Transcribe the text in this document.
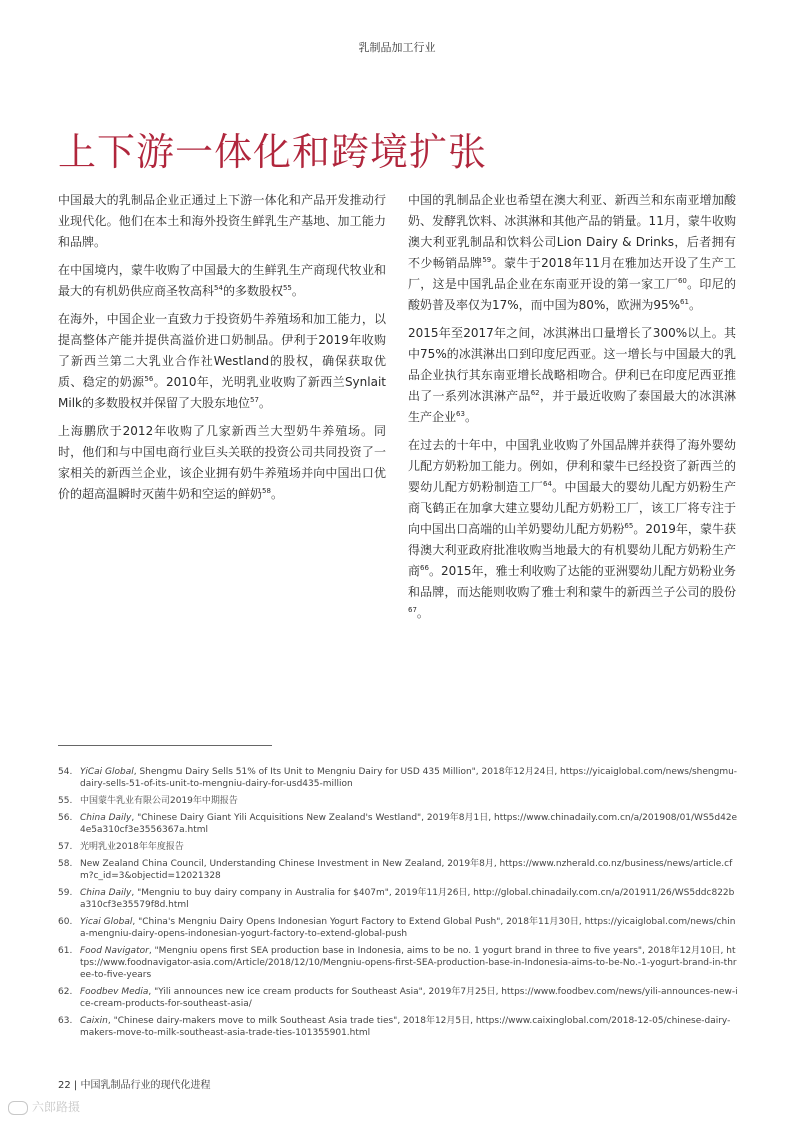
乳制品加工行业
上下游一体化和跨境扩张

中国最大的乳制品企业正通过上下游一体化和产品开发推动行业现代化。他们在本土和海外投资生鲜乳生产基地、加工能力和品牌。

在中国境内，蒙牛收购了中国最大的生鲜乳生产商现代牧业和最大的有机奶供应商圣牧高科$^{54}$的多数股权$^{55}$。

在海外，中国企业一直致力于投资奶牛养殖场和加工能力，以提高整体产能并提供高溢价进口奶制品。伊利于2019年收购了新西兰第二大乳业合作社Westland的股权，确保获取优质、稳定的奶源$^{56}$。2010年，光明乳业收购了新西兰Synlait Milk的多数股权并保留了大股东地位$^{57}$。

上海鹏欣于2012年收购了几家新西兰大型奶牛养殖场。同时，他们和与中国电商行业巨头关联的投资公司共同投资了一家相关的新西兰企业，该企业拥有奶牛养殖场并向中国出口优价的超高温瞬时灭菌牛奶和空运的鲜奶$^{58}$。

中国的乳制品企业也希望在澳大利亚、新西兰和东南亚增加酸奶、发酵乳饮料、冰淇淋和其他产品的销量。11月，蒙牛收购澳大利亚乳制品和饮料公司Lion Dairy & Drinks，后者拥有不少畅销品牌$^{59}$。蒙牛于2018年11月在雅加达开设了生产工厂，这是中国乳品企业在东南亚开设的第一家工厂$^{60}$。印尼的酸奶普及率仅为17%，而中国为80%，欧洲为95%$^{61}$。

2015年至2017年之间，冰淇淋出口量增长了300%以上。其中75%的冰淇淋出口到印度尼西亚。这一增长与中国最大的乳品企业执行其东南亚增长战略相吻合。伊利已在印度尼西亚推出了一系列冰淇淋产品$^{62}$，并于最近收购了泰国最大的冰淇淋生产企业$^{63}$。

在过去的十年中，中国乳业收购了外国品牌并获得了海外婴幼儿配方奶粉加工能力。例如，伊利和蒙牛已经投资了新西兰的婴幼儿配方奶粉制造工厂$^{64}$。中国最大的婴幼儿配方奶粉生产商飞鹤正在加拿大建立婴幼儿配方奶粉工厂，该工厂将专注于向中国出口高端的山羊奶婴幼儿配方奶粉$^{65}$。2019年，蒙牛获得澳大利亚政府批准收购当地最大的有机婴幼儿配方奶粉生产商$^{66}$。2015年，雅士利收购了达能的亚洲婴幼儿配方奶粉业务和品牌，而达能则收购了雅士利和蒙牛的新西兰子公司的股份$^{67}$。

54. YiCai Global, Shengmu Dairy Sells 51% of Its Unit to Mengniu Dairy for USD 435 Million", 2018年12月24日, https://yicaiglobal.com/news/shengmu-dairy-sells-51-of-its-unit-to-mengniu-dairy-for-usd435-million
55. 中国蒙牛乳业有限公司2019年中期报告
56. China Daily, "Chinese Dairy Giant Yili Acquisitions New Zealand's Westland", 2019年8月1日, https://www.chinadaily.com.cn/a/201908/01/WS5d42e4e5a310cf3e3556367a.html
57. 光明乳业2018年年度报告
58. New Zealand China Council, Understanding Chinese Investment in New Zealand, 2019年8月, https://www.nzherald.co.nz/business/news/article.cfm?c_id=3&objectid=12021328
59. China Daily, "Mengniu to buy dairy company in Australia for $407m", 2019年11月26日, http://global.chinadaily.com.cn/a/201911/26/WS5ddc822ba310cf3e35579f8d.html
60. Yicai Global, "China's Mengniu Dairy Opens Indonesian Yogurt Factory to Extend Global Push", 2018年11月30日, https://yicaiglobal.com/news/china-mengniu-dairy-opens-indonesian-yogurt-factory-to-extend-global-push
61. Food Navigator, "Mengniu opens first SEA production base in Indonesia, aims to be no. 1 yogurt brand in three to five years", 2018年12月10日, https://www.foodnavigator-asia.com/Article/2018/12/10/Mengniu-opens-first-SEA-production-base-in-Indonesia-aims-to-be-No.-1-yogurt-brand-in-three-to-five-years
62. Foodbev Media, "Yili announces new ice cream products for Southeast Asia", 2019年7月25日, https://www.foodbev.com/news/yili-announces-new-ice-cream-products-for-southeast-asia/
63. Caixin, "Chinese dairy-makers move to milk Southeast Asia trade ties", 2018年12月5日, https://www.caixinglobal.com/2018-12-05/chinese-dairy-makers-move-to-milk-southeast-asia-trade-ties-101355901.html
22 | 中国乳制品行业的现代化进程
六郎路摄
